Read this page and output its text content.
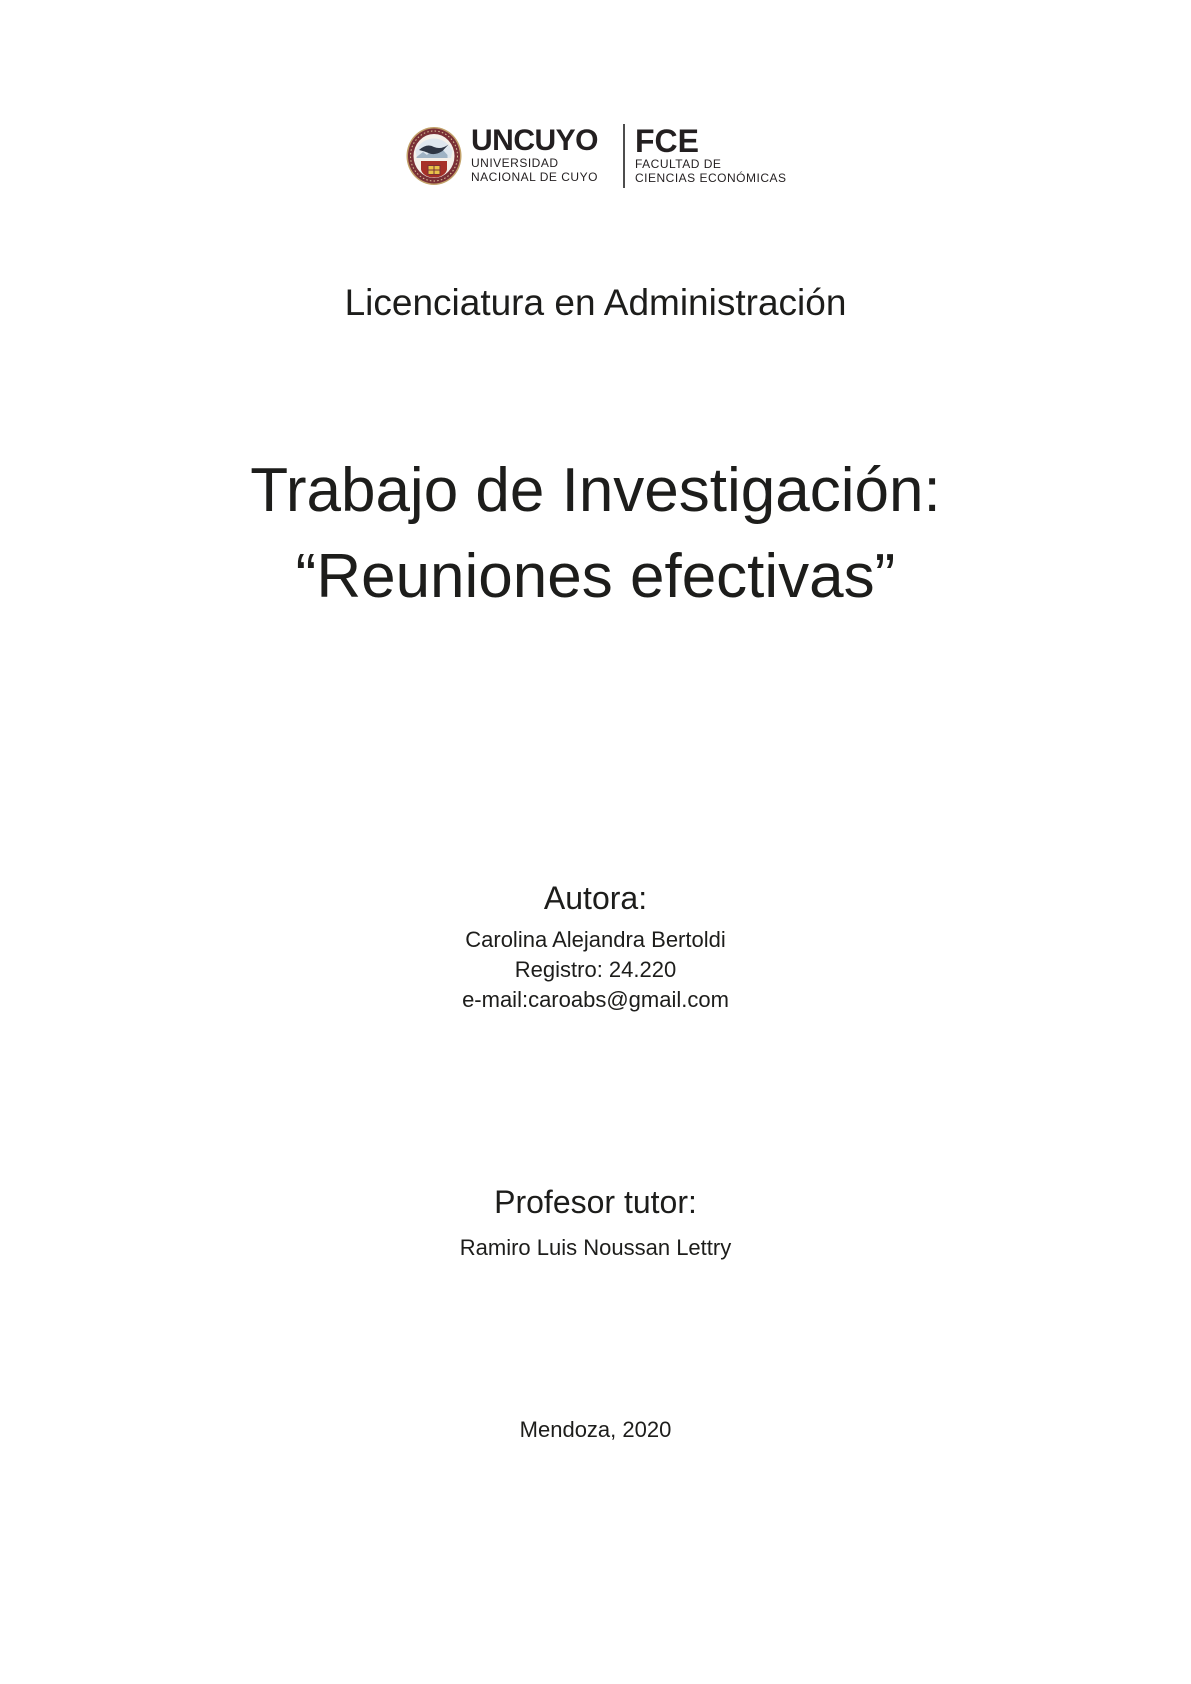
UNCUYO
UNIVERSIDAD
NACIONAL DE CUYO
FCE
FACULTAD DE
CIENCIAS ECONÓMICAS
Licenciatura en Administración
Trabajo de Investigación:
“Reuniones efectivas”
Autora:
Carolina Alejandra Bertoldi
Registro: 24.220
e-mail:caroabs@gmail.com
Profesor tutor:
Ramiro Luis Noussan Lettry
Mendoza, 2020
